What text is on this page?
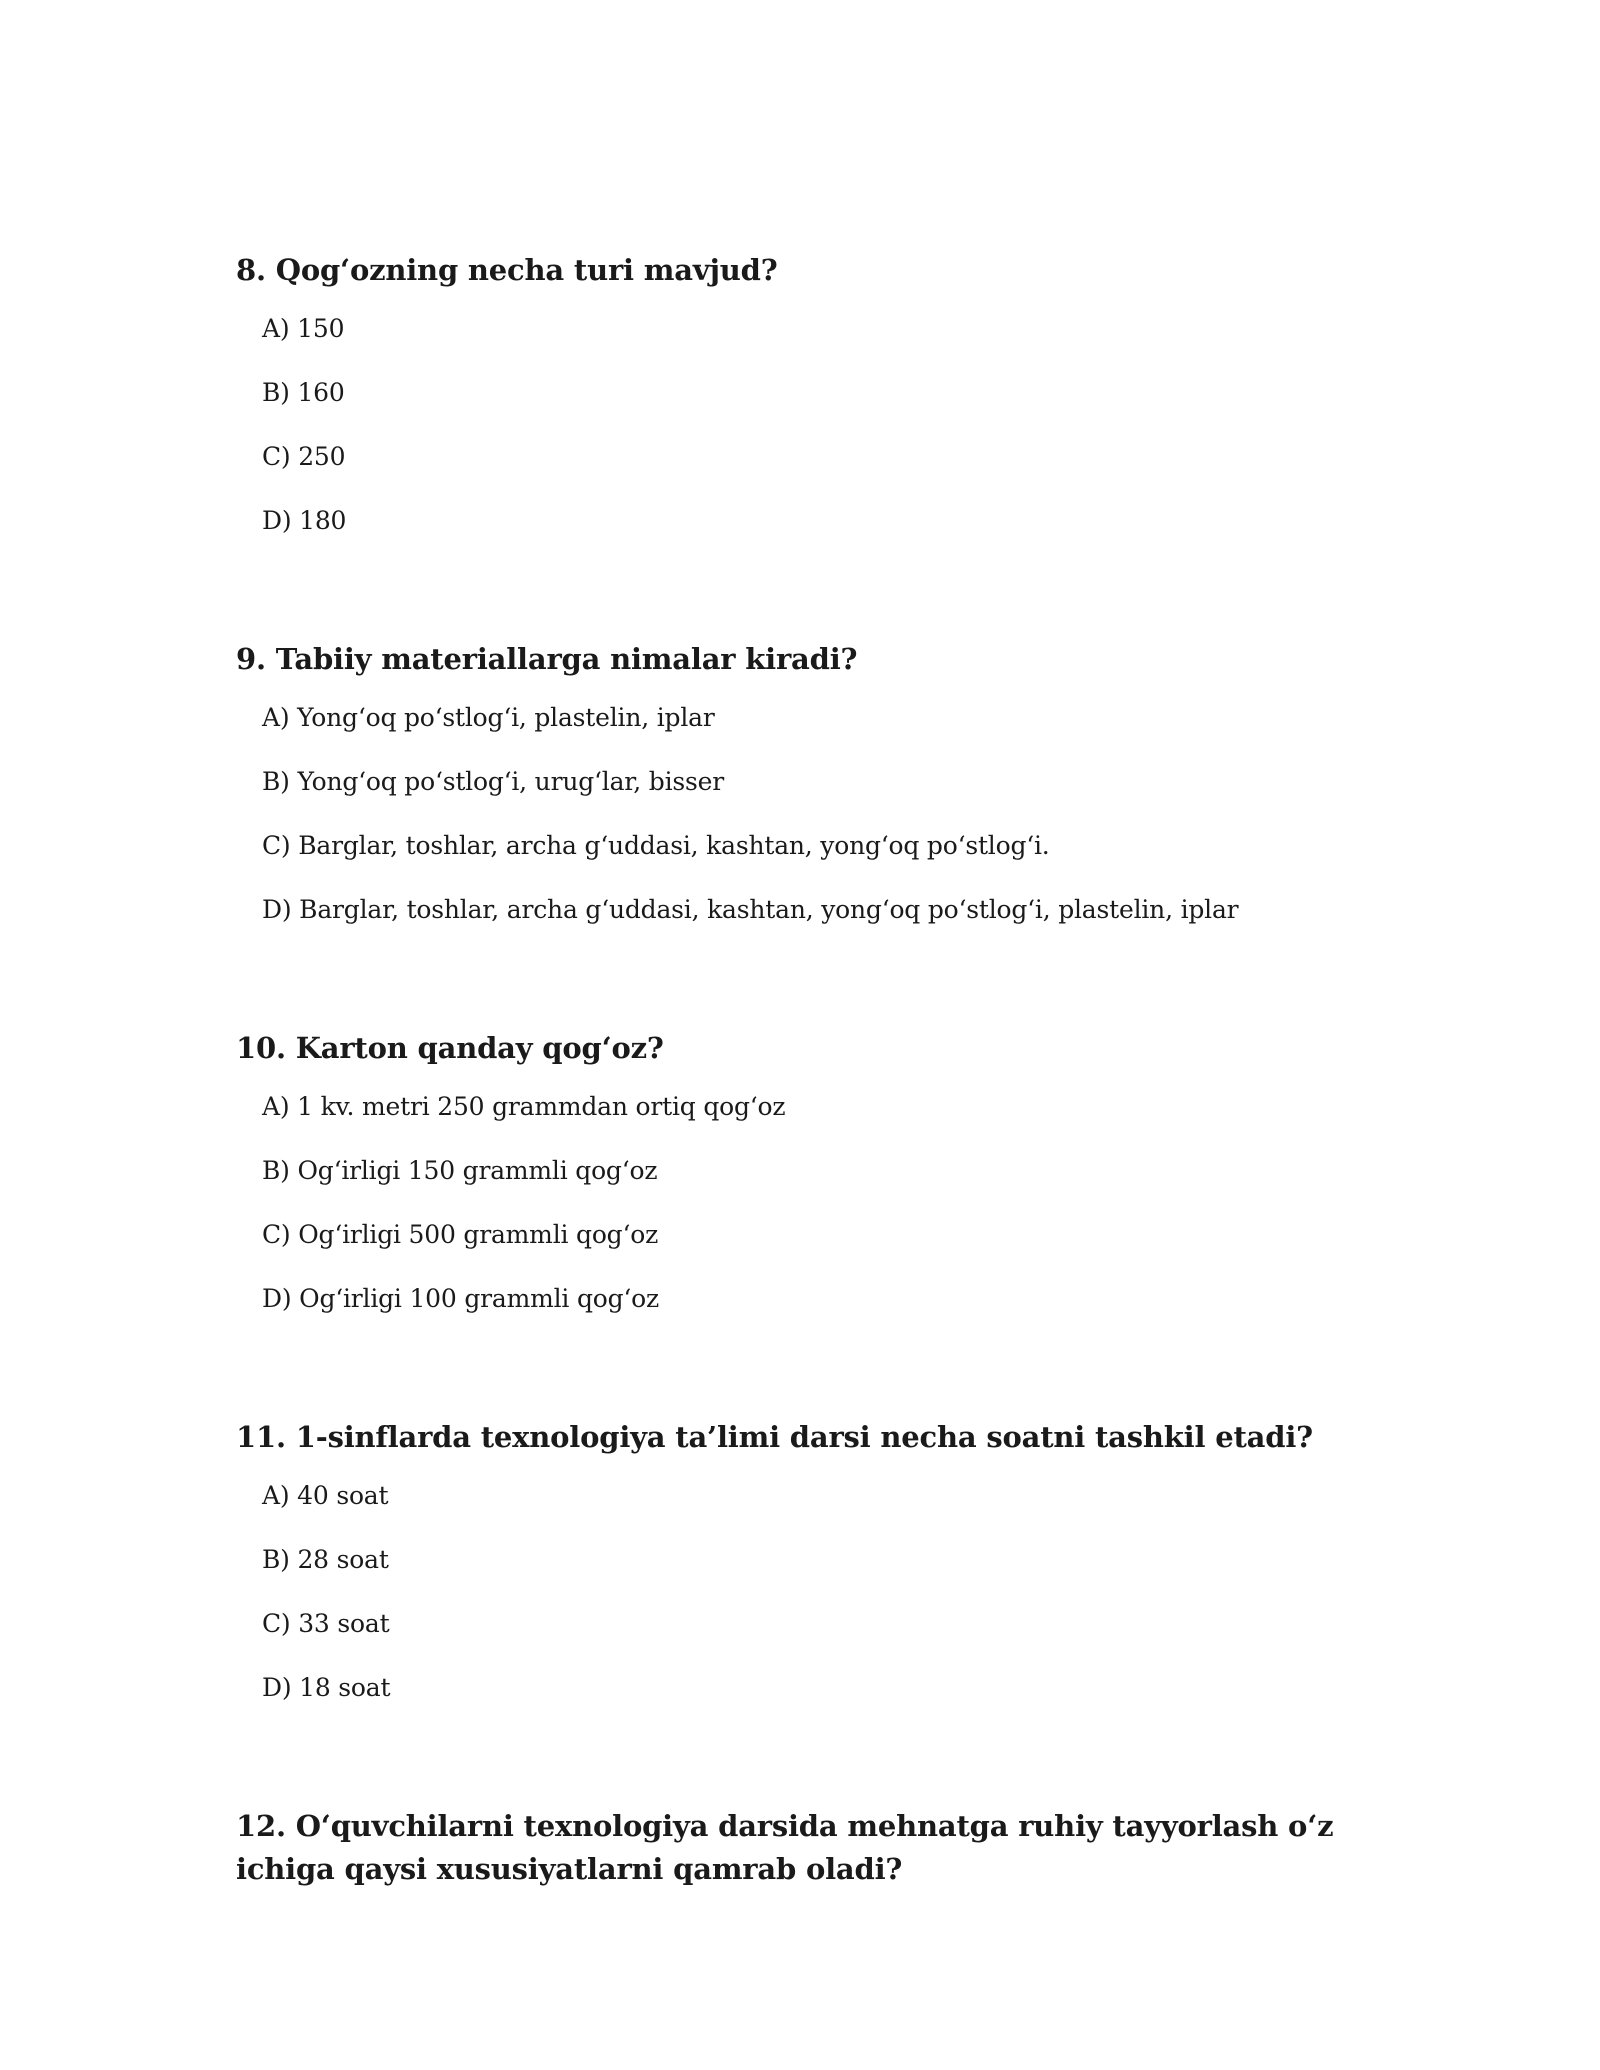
8. Qog‘ozning necha turi mavjud?
A) 150
B) 160
C) 250
D) 180
9. Tabiiy materiallarga nimalar kiradi?
A) Yong‘oq po‘stlog‘i, plastelin, iplar
B) Yong‘oq po‘stlog‘i, urug‘lar, bisser
C) Barglar, toshlar, archa g‘uddasi, kashtan, yong‘oq po‘stlog‘i.
D) Barglar, toshlar, archa g‘uddasi, kashtan, yong‘oq po‘stlog‘i, plastelin, iplar
10. Karton qanday qog‘oz?
A) 1 kv. metri 250 grammdan ortiq qog‘oz
B) Og‘irligi 150 grammli qog‘oz
C) Og‘irligi 500 grammli qog‘oz
D) Og‘irligi 100 grammli qog‘oz
11. 1-sinflarda texnologiya ta’limi darsi necha soatni tashkil etadi?
A) 40 soat
B) 28 soat
C) 33 soat
D) 18 soat
12. O‘quvchilarni texnologiya darsida mehnatga ruhiy tayyorlash o‘z ichiga qaysi xususiyatlarni qamrab oladi?
